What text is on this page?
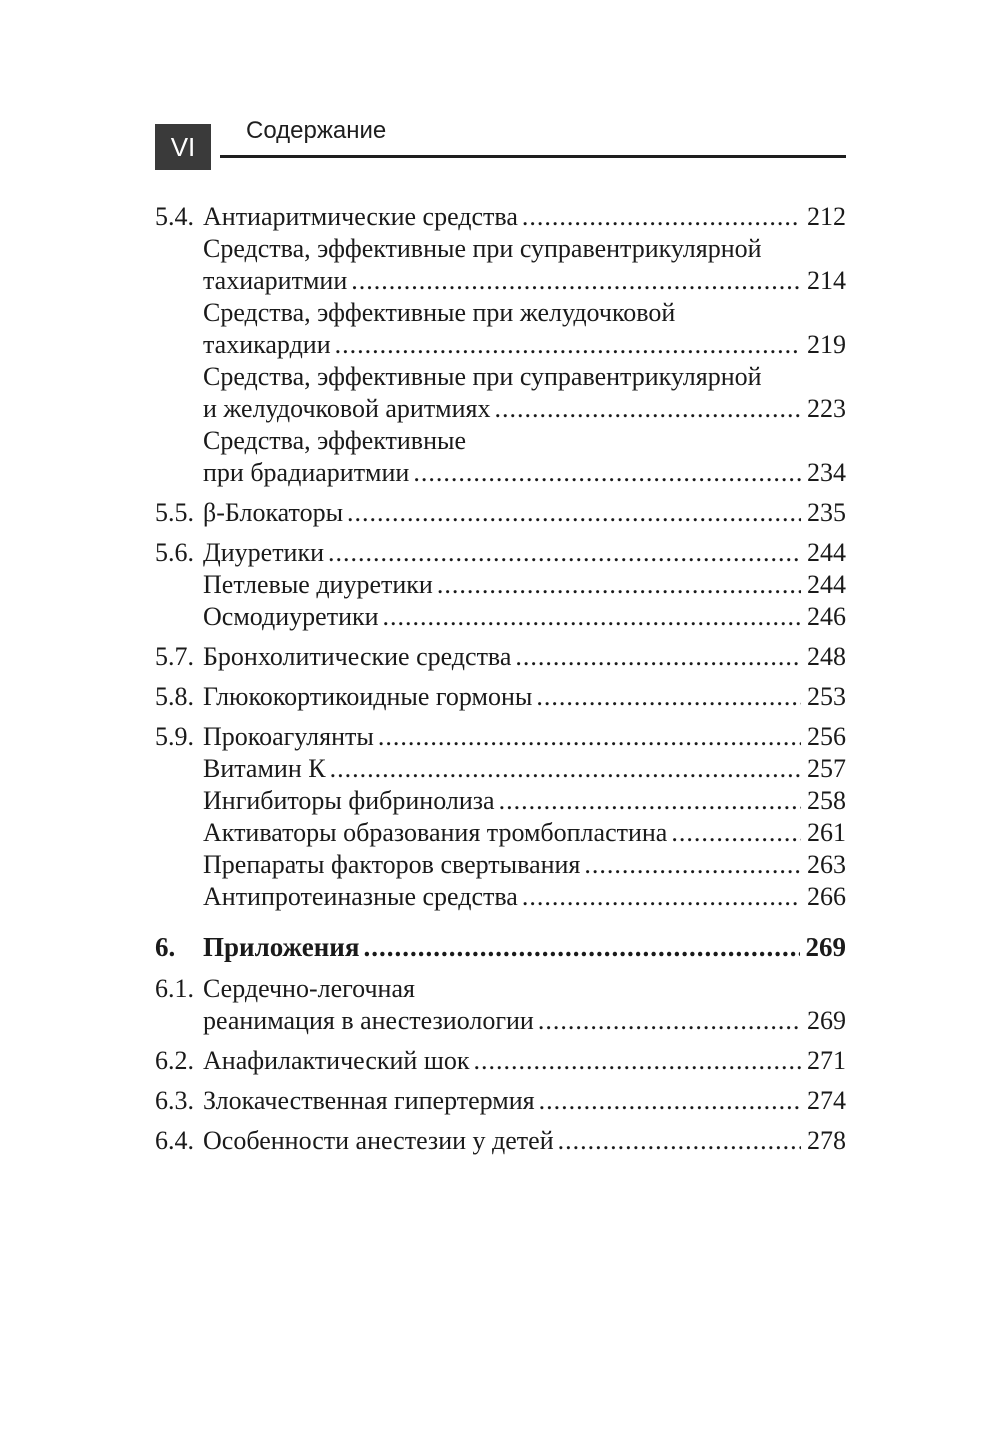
VI
Содержание
5.4. Антиаритмические средства .....	212
Средства, эффективные при суправентрикулярной
тахиаритмии .....	214
Средства, эффективные при желудочковой
тахикардии .....	219
Средства, эффективные при суправентрикулярной
и желудочковой аритмиях .....	223
Средства, эффективные
при брадиаритмии .....	234
5.5. β-Блокаторы .....	235
5.6. Диуретики .....	244
Петлевые диуретики .....	244
Осмодиуретики .....	246
5.7. Бронхолитические средства .....	248
5.8. Глюкокортикоидные гормоны .....	253
5.9. Прокоагулянты .....	256
Витамин К .....	257
Ингибиторы фибринолиза .....	258
Активаторы образования тромбопластина .....	261
Препараты факторов свертывания .....	263
Антипротеиназные средства .....	266
6.	Приложения .....	269
6.1. Сердечно-легочная
реанимация в анестезиологии .....	269
6.2. Анафилактический шок .....	271
6.3. Злокачественная гипертермия .....	274
6.4. Особенности анестезии у детей .....	278
